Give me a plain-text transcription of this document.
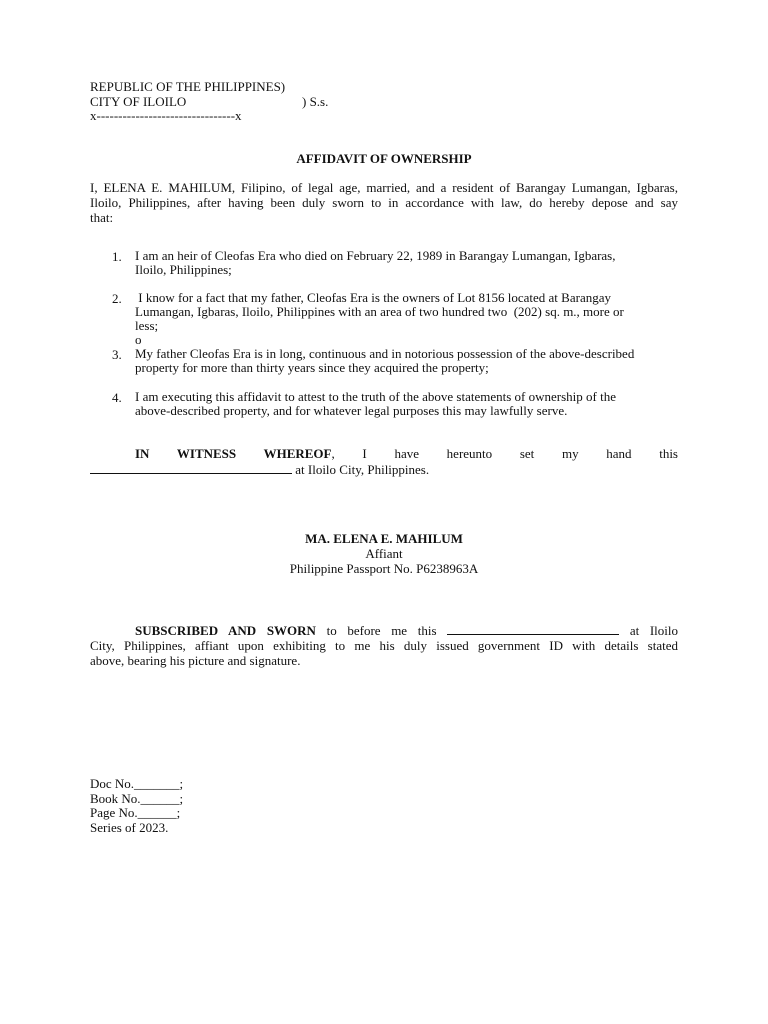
REPUBLIC OF THE PHILIPPINES)
CITY OF ILOILO	) S.s.
x--------------------------------x
AFFIDAVIT OF OWNERSHIP
I, ELENA E. MAHILUM, Filipino, of legal age, married, and a resident of Barangay Lumangan, Igbaras,
Iloilo, Philippines, after having been duly sworn to in accordance with law, do hereby depose and say
that:
1. I am an heir of Cleofas Era who died on February 22, 1989 in Barangay Lumangan, Igbaras,
Iloilo, Philippines;
2. I know for a fact that my father, Cleofas Era is the owners of Lot 8156 located at Barangay
Lumangan, Igbaras, Iloilo, Philippines with an area of two hundred two  (202) sq. m., more or
less;
o
3. My father Cleofas Era is in long, continuous and in notorious possession of the above-described
property for more than thirty years since they acquired the property;
4. I am executing this affidavit to attest to the truth of the above statements of ownership of the
above-described property, and for whatever legal purposes this may lawfully serve.
IN WITNESS WHEREOF, I have hereunto set my hand this
at Iloilo City, Philippines.
MA. ELENA E. MAHILUM
Affiant
Philippine Passport No. P6238963A
SUBSCRIBED AND SWORN to before me this	at Iloilo
City, Philippines, affiant upon exhibiting to me his duly issued government ID with details stated
above, bearing his picture and signature.
Doc No._______;
Book No.______;
Page No.______;
Series of 2023.
